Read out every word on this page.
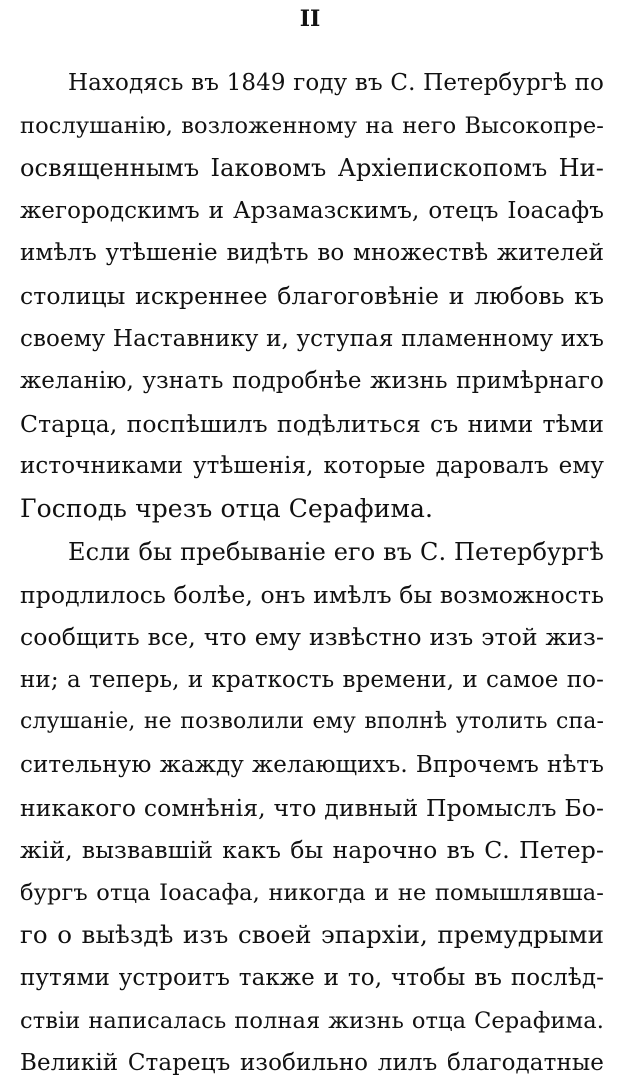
II
Находясь въ 1849 году въ С. Петербургѣ по
послушанію, возложенному на него Высокопре-
освященнымъ Іаковомъ Архіепископомъ Ни-
жегородскимъ и Арзамазскимъ, отецъ Іоасафъ
имѣлъ утѣшеніе видѣть во множествѣ жителей
столицы искреннее благоговѣніе и любовь къ
своему Наставнику и, уступая пламенному ихъ
желанію, узнать подробнѣе жизнь примѣрнаго
Старца, поспѣшилъ подѣлиться съ ними тѣми
источниками утѣшенія, которые даровалъ ему
Господь чрезъ отца Серафима.
Если бы пребываніе его въ С. Петербургѣ
продлилось болѣе, онъ имѣлъ бы возможность
сообщить все, что ему извѣстно изъ этой жиз-
ни; а теперь, и краткость времени, и самое по-
слушаніе, не позволили ему вполнѣ утолить спа-
сительную жажду желающихъ. Впрочемъ нѣтъ
никакого сомнѣнія, что дивный Промыслъ Бо-
жій, вызвавшій какъ бы нарочно въ С. Петер-
бургъ отца Іоасафа, никогда и не помышлявша-
го о выѣздѣ изъ своей эпархіи, премудрыми
путями устроитъ также и то, чтобы въ послѣд-
ствіи написалась полная жизнь отца Серафима.
Великій Старецъ изобильно лилъ благодатные
